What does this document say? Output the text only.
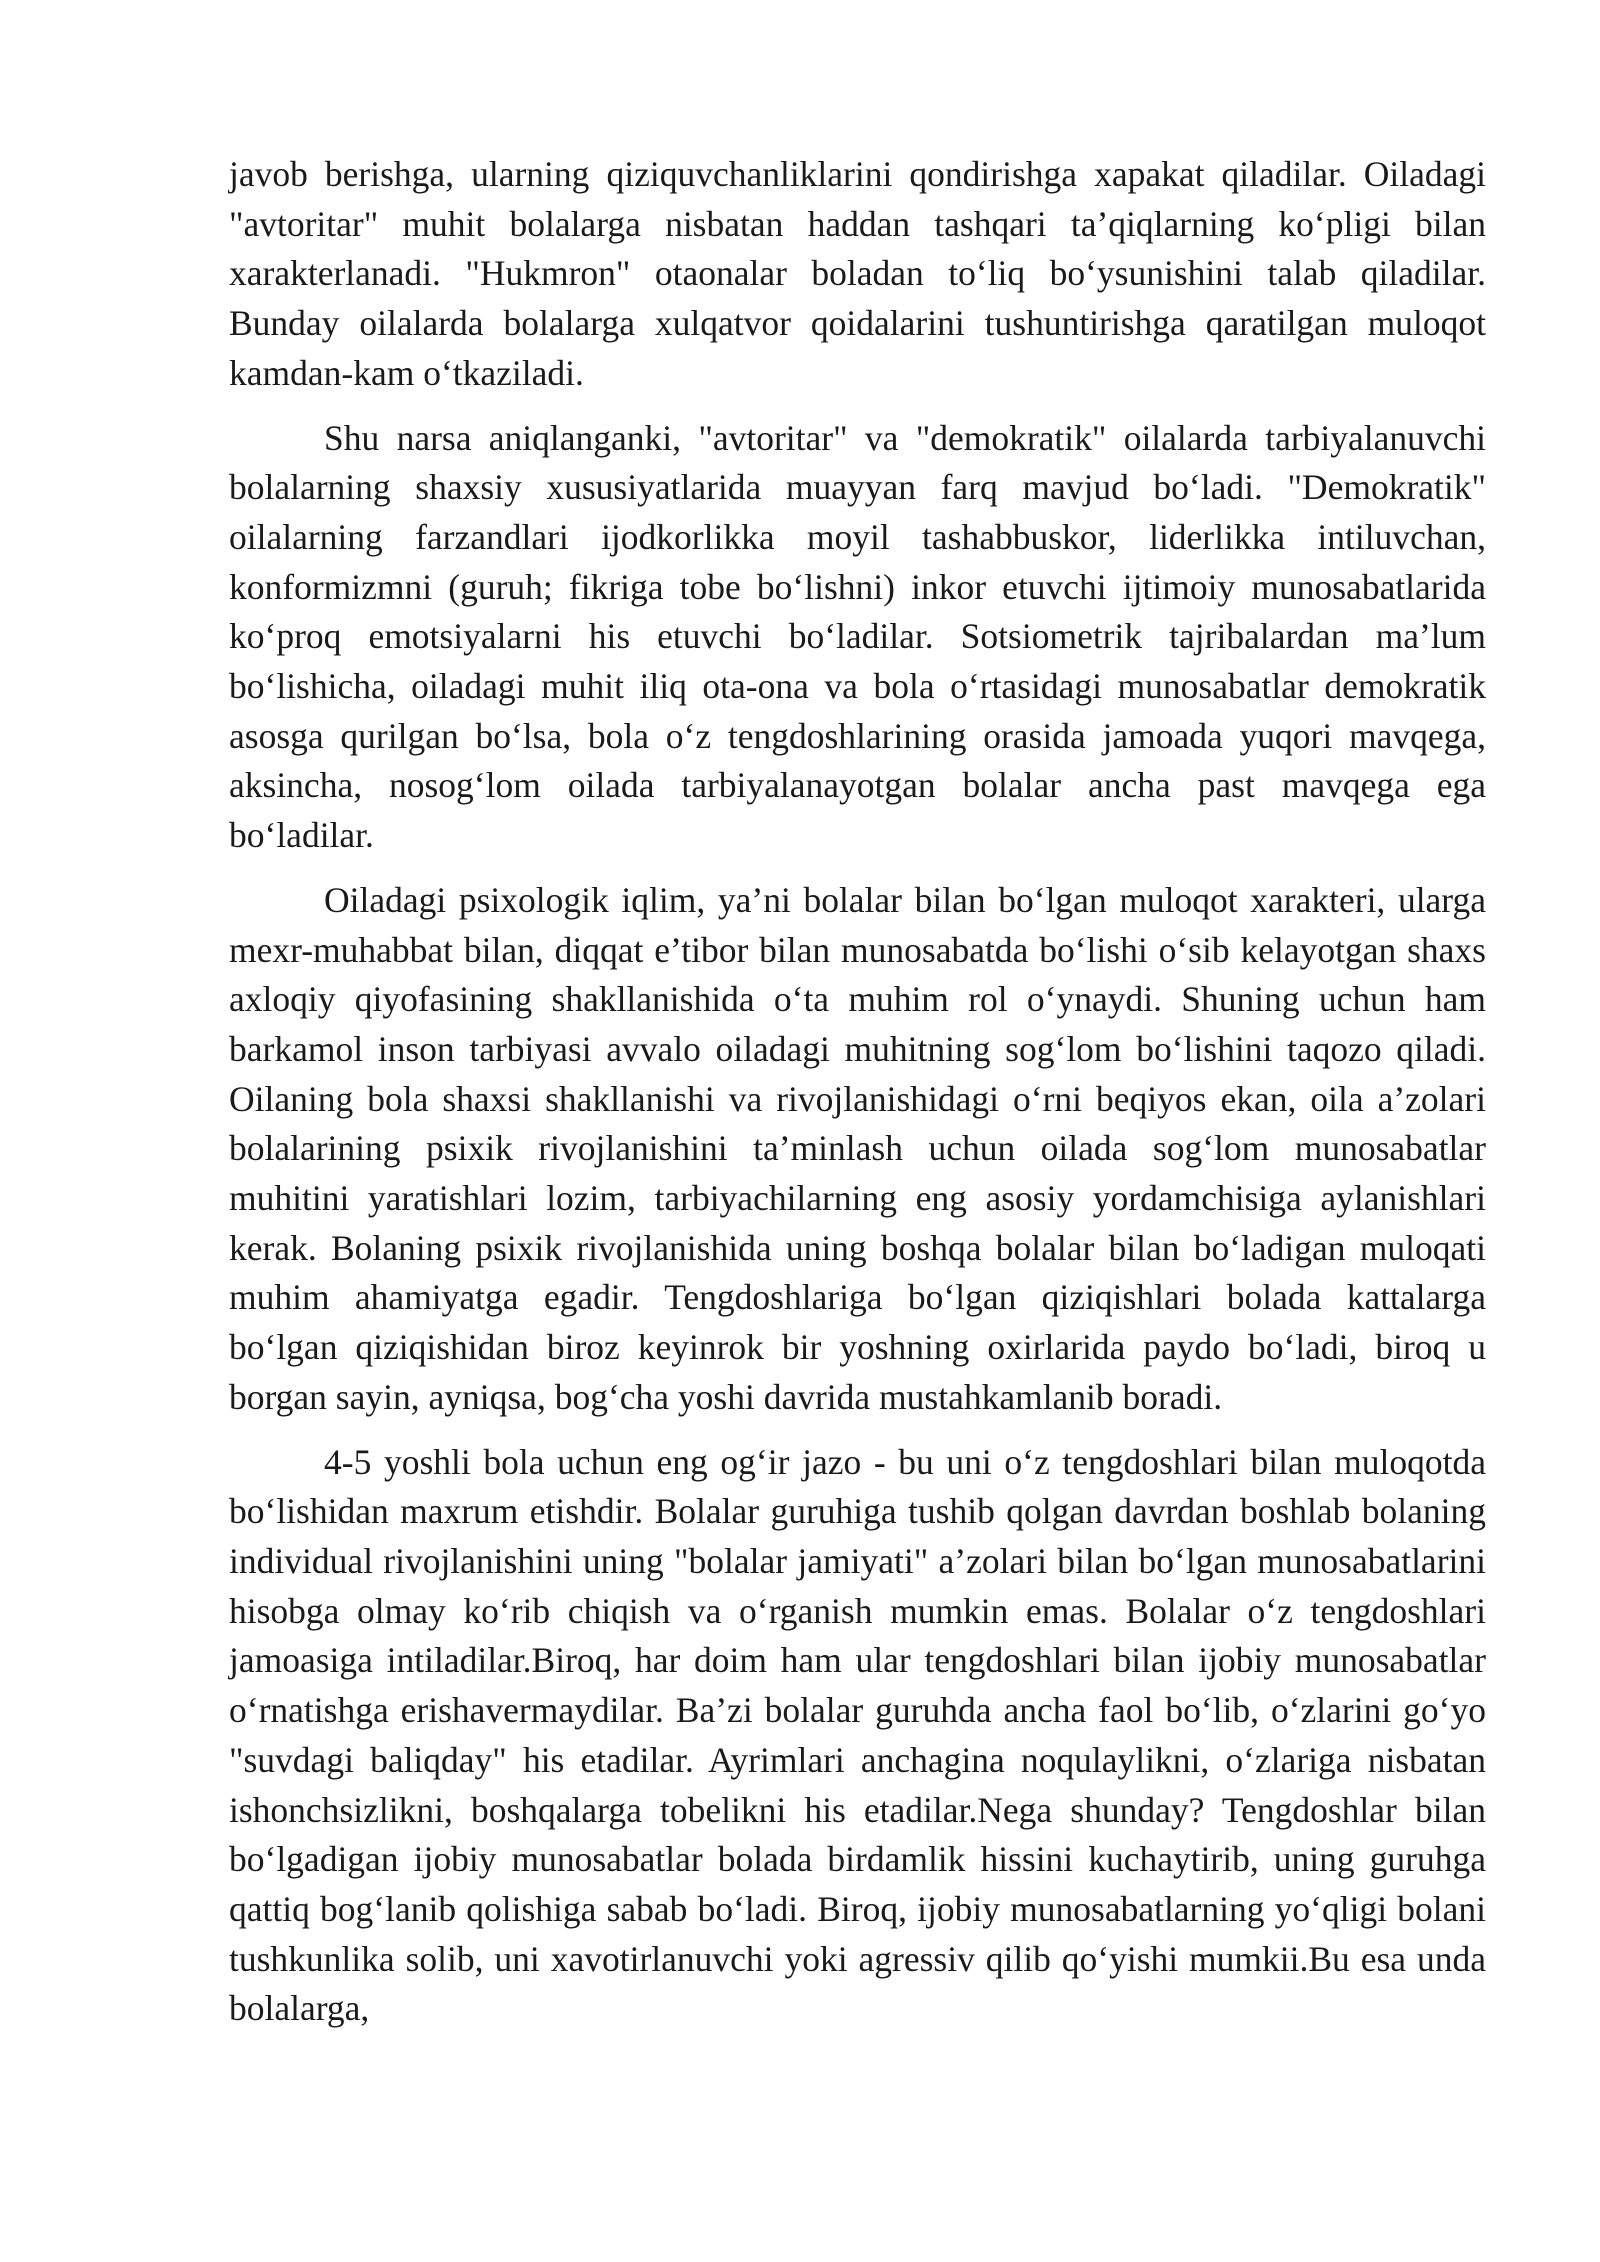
javob berishga, ularning qiziquvchanliklarini qondirishga xapakat qiladilar. Oiladagi "avtoritar" muhit bolalarga nisbatan haddan tashqari ta’qiqlarning ko‘pligi bilan xarakterlanadi. "Hukmron" otaonalar boladan to‘liq bo‘ysunishini talab qiladilar. Bunday oilalarda bolalarga xulqatvor qoidalarini tushuntirishga qaratilgan muloqot kamdan-kam o‘tkaziladi.

Shu narsa aniqlanganki, "avtoritar" va "demokratik" oilalarda tarbiyalanuvchi bolalarning shaxsiy xususiyatlarida muayyan farq mavjud bo‘ladi. "Demokratik" oilalarning farzandlari ijodkorlikka moyil tashabbuskor, liderlikka intiluvchan, konformizmni (guruh; fikriga tobe bo‘lishni) inkor etuvchi ijtimoiy munosabatlarida ko‘proq emotsiyalarni his etuvchi bo‘ladilar. Sotsiometrik tajribalardan ma’lum bo‘lishicha, oiladagi muhit iliq ota-ona va bola o‘rtasidagi munosabatlar demokratik asosga qurilgan bo‘lsa, bola o‘z tengdoshlarining orasida jamoada yuqori mavqega, aksincha, nosog‘lom oilada tarbiyalanayotgan bolalar ancha past mavqega ega bo‘ladilar.

Oiladagi psixologik iqlim, ya’ni bolalar bilan bo‘lgan muloqot xarakteri, ularga mexr-muhabbat bilan, diqqat e’tibor bilan munosabatda bo‘lishi o‘sib kelayotgan shaxs axloqiy qiyofasining shakllanishida o‘ta muhim rol o‘ynaydi. Shuning uchun ham barkamol inson tarbiyasi avvalo oiladagi muhitning sog‘lom bo‘lishini taqozo qiladi. Oilaning bola shaxsi shakllanishi va rivojlanishidagi o‘rni beqiyos ekan, oila a’zolari bolalarining psixik rivojlanishini ta’minlash uchun oilada sog‘lom munosabatlar muhitini yaratishlari lozim, tarbiyachilarning eng asosiy yordamchisiga aylanishlari kerak. Bolaning psixik rivojlanishida uning boshqa bolalar bilan bo‘ladigan muloqati muhim ahamiyatga egadir. Tengdoshlariga bo‘lgan qiziqishlari bolada kattalarga bo‘lgan qiziqishidan biroz keyinrok bir yoshning oxirlarida paydo bo‘ladi, biroq u borgan sayin, ayniqsa, bog‘cha yoshi davrida mustahkamlanib boradi.

4-5 yoshli bola uchun eng og‘ir jazo - bu uni o‘z tengdoshlari bilan muloqotda bo‘lishidan maxrum etishdir. Bolalar guruhiga tushib qolgan davrdan boshlab bolaning individual rivojlanishini uning "bolalar jamiyati" a’zolari bilan bo‘lgan munosabatlarini hisobga olmay ko‘rib chiqish va o‘rganish mumkin emas. Bolalar o‘z tengdoshlari jamoasiga intiladilar.Biroq, har doim ham ular tengdoshlari bilan ijobiy munosabatlar o‘rnatishga erishavermaydilar. Ba’zi bolalar guruhda ancha faol bo‘lib, o‘zlarini go‘yo "suvdagi baliqday" his etadilar. Ayrimlari anchagina noqulaylikni, o‘zlariga nisbatan ishonchsizlikni, boshqalarga tobelikni his etadilar.Nega shunday? Tengdoshlar bilan bo‘lgadigan ijobiy munosabatlar bolada birdamlik hissini kuchaytirib, uning guruhga qattiq bog‘lanib qolishiga sabab bo‘ladi. Biroq, ijobiy munosabatlarning yo‘qligi bolani tushkunlika solib, uni xavotirlanuvchi yoki agressiv qilib qo‘yishi mumkii.Bu esa unda bolalarga,
